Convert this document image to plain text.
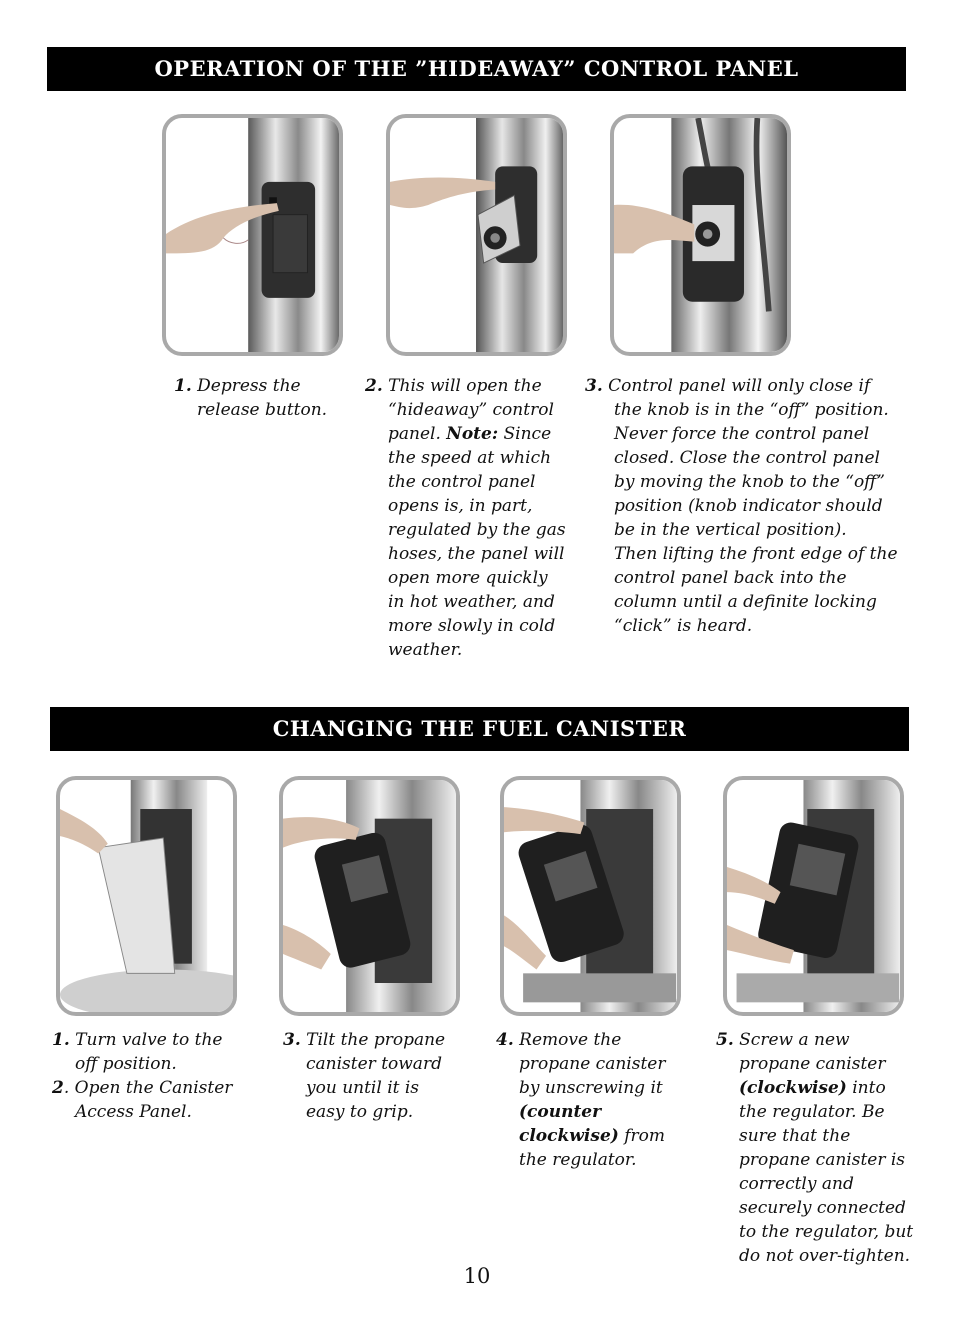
OPERATION OF THE ”HIDEAWAY” CONTROL PANEL
1. Depress the
release button.
2. This will open the
“hideaway” control
panel. Note: Since
the speed at which
the control panel
opens is, in part,
regulated by the gas
hoses, the panel will
open more quickly
in hot weather, and
more slowly in cold
weather.
3. Control panel will only close if
the knob is in the “off” position.
Never force the control panel
closed. Close the control panel
by moving the knob to the “off”
position (knob indicator should
be in the vertical position).
Then lifting the front edge of the
control panel back into the
column until a definite locking
“click” is heard.
CHANGING THE FUEL CANISTER
1. Turn valve to the
off position.
2. Open the Canister
Access Panel.
3. Tilt the propane
canister toward
you until it is
easy to grip.
4. Remove the
propane canister
by unscrewing it
(counter
clockwise) from
the regulator.
5. Screw a new
propane canister
(clockwise) into
the regulator. Be
sure that the
propane canister is
correctly and
securely connected
to the regulator, but
do not over-tighten.
10
